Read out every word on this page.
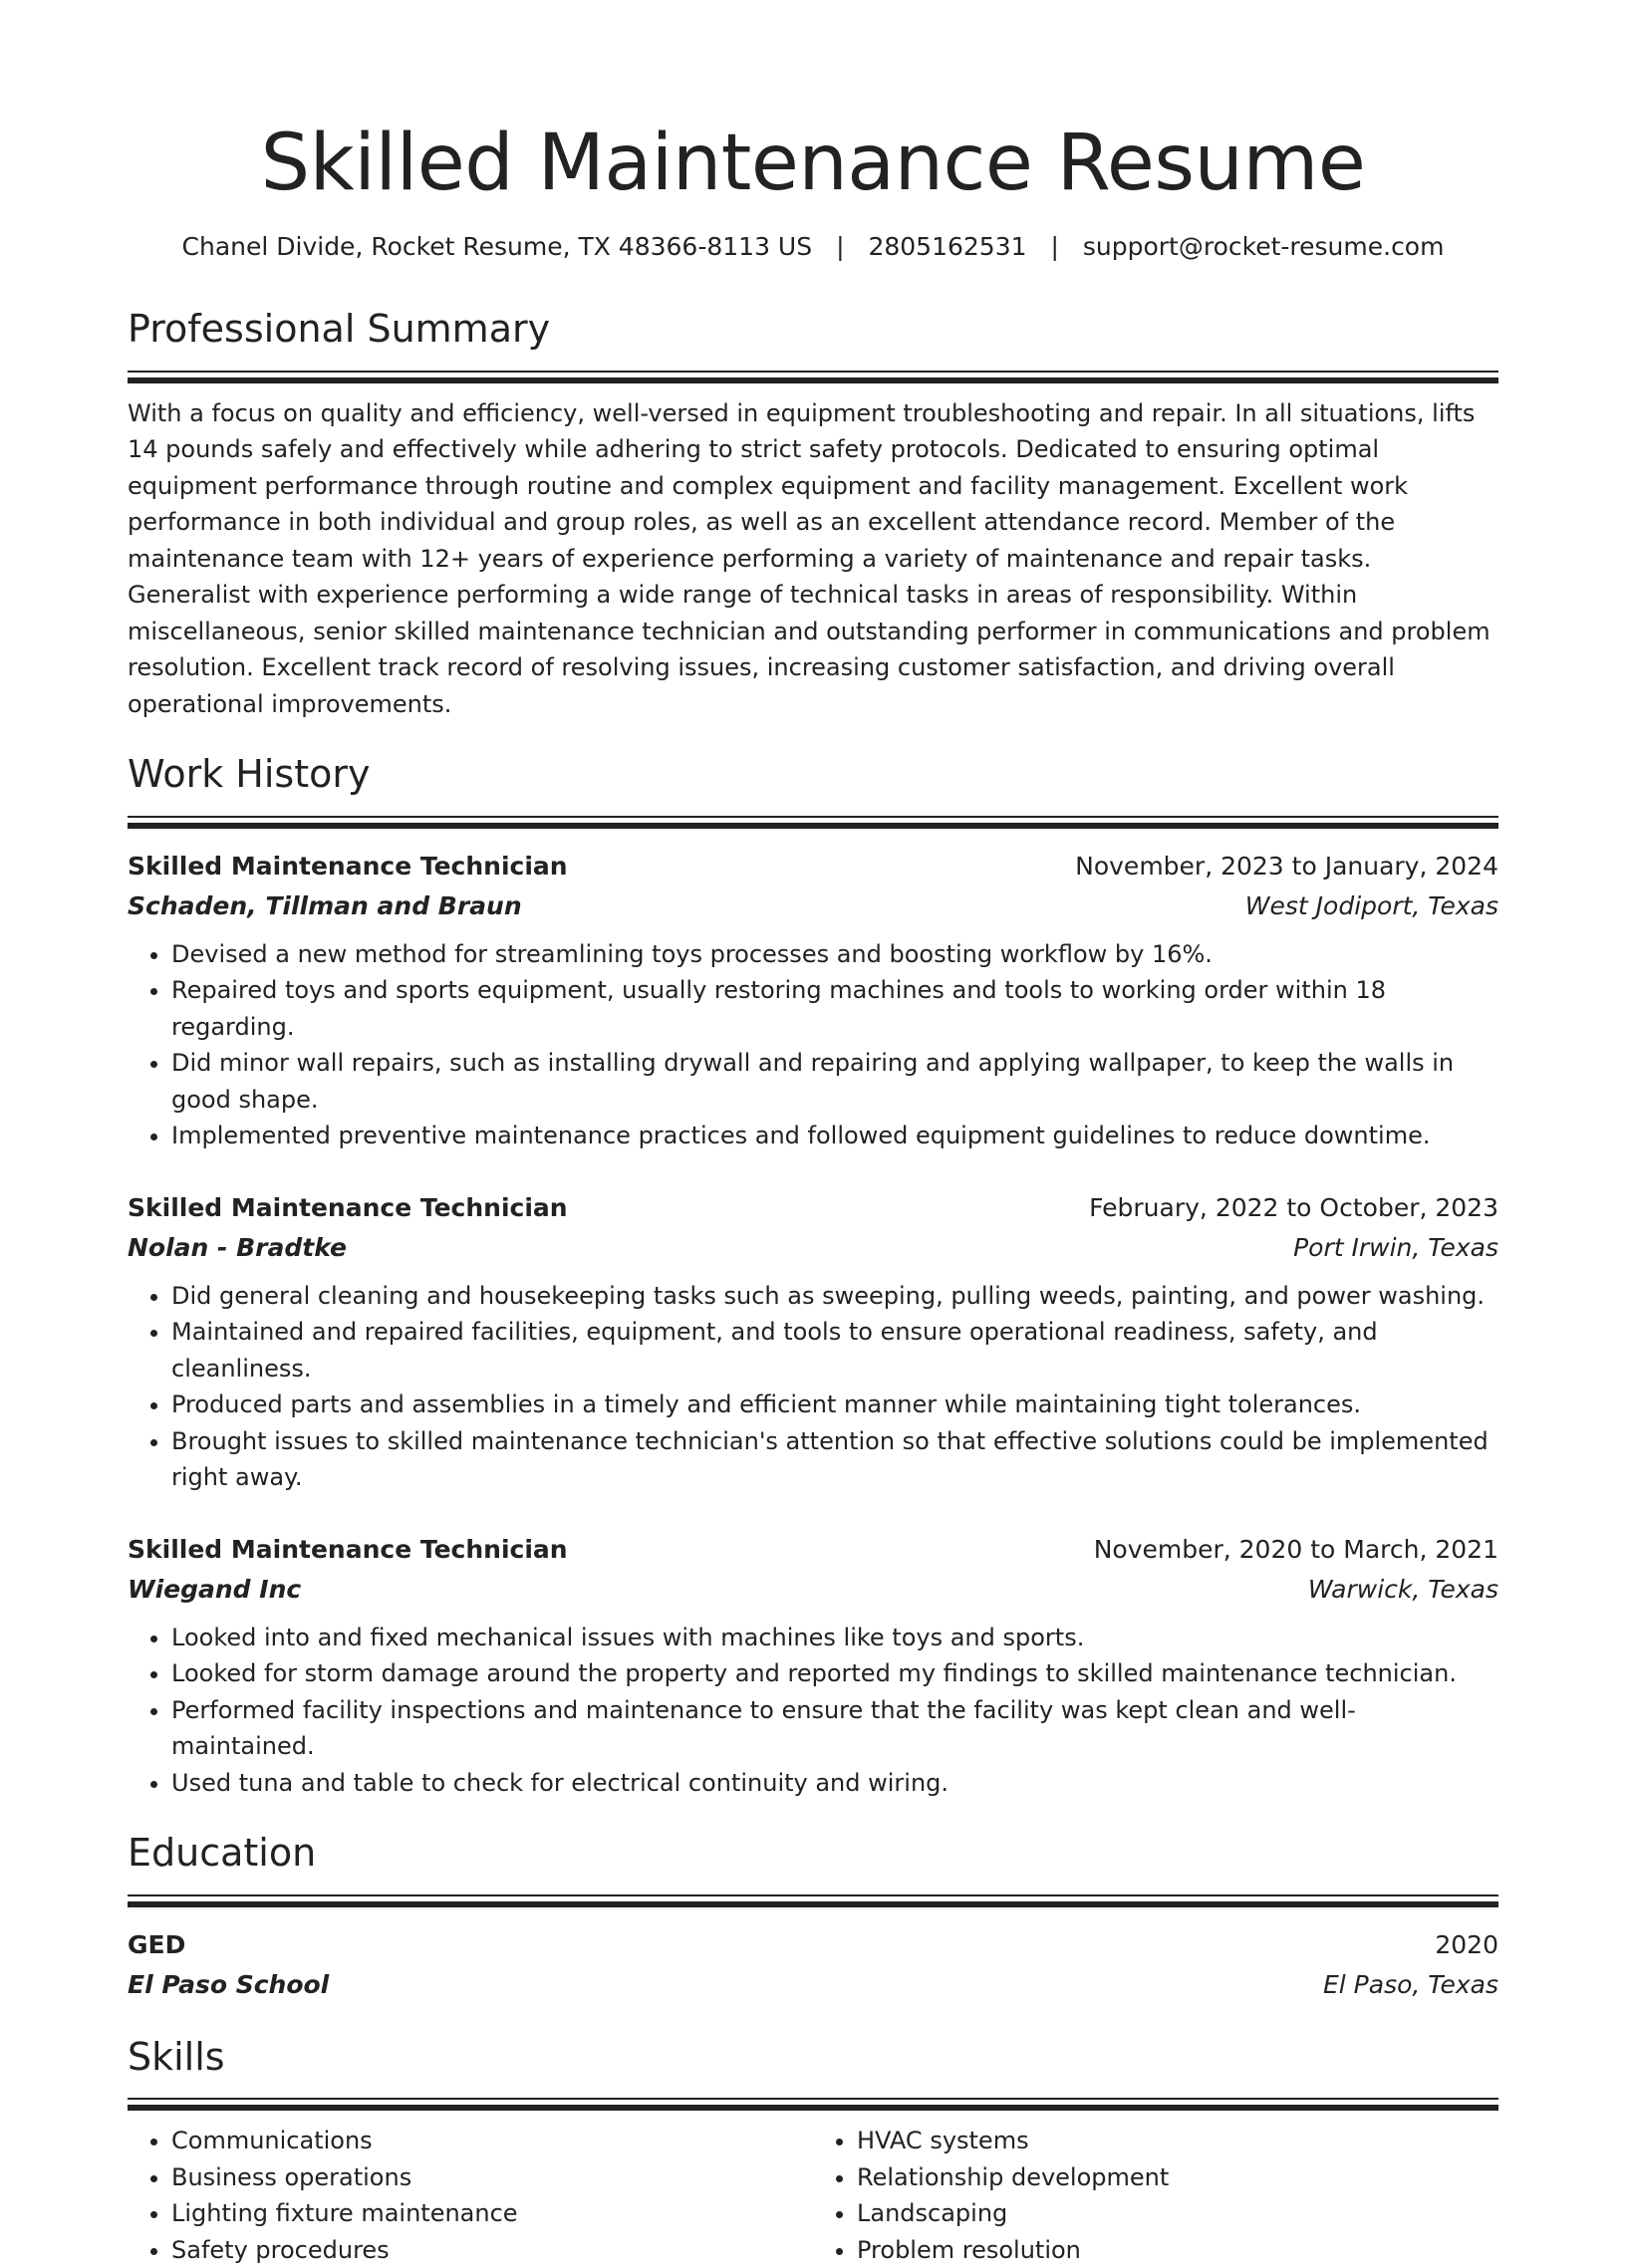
Skilled Maintenance Resume
Chanel Divide, Rocket Resume, TX 48366-8113 US | 2805162531 | support@rocket-resume.com
Professional Summary
With a focus on quality and efficiency, well-versed in equipment troubleshooting and repair. In all situations, lifts 14 pounds safely and effectively while adhering to strict safety protocols. Dedicated to ensuring optimal equipment performance through routine and complex equipment and facility management. Excellent work performance in both individual and group roles, as well as an excellent attendance record. Member of the maintenance team with 12+ years of experience performing a variety of maintenance and repair tasks. Generalist with experience performing a wide range of technical tasks in areas of responsibility. Within miscellaneous, senior skilled maintenance technician and outstanding performer in communications and problem resolution. Excellent track record of resolving issues, increasing customer satisfaction, and driving overall operational improvements.
Work History
Skilled Maintenance Technician	November, 2023 to January, 2024
Schaden, Tillman and Braun	West Jodiport, Texas
• Devised a new method for streamlining toys processes and boosting workflow by 16%.
• Repaired toys and sports equipment, usually restoring machines and tools to working order within 18 regarding.
• Did minor wall repairs, such as installing drywall and repairing and applying wallpaper, to keep the walls in good shape.
• Implemented preventive maintenance practices and followed equipment guidelines to reduce downtime.
Skilled Maintenance Technician	February, 2022 to October, 2023
Nolan - Bradtke	Port Irwin, Texas
• Did general cleaning and housekeeping tasks such as sweeping, pulling weeds, painting, and power washing.
• Maintained and repaired facilities, equipment, and tools to ensure operational readiness, safety, and cleanliness.
• Produced parts and assemblies in a timely and efficient manner while maintaining tight tolerances.
• Brought issues to skilled maintenance technician's attention so that effective solutions could be implemented right away.
Skilled Maintenance Technician	November, 2020 to March, 2021
Wiegand Inc	Warwick, Texas
• Looked into and fixed mechanical issues with machines like toys and sports.
• Looked for storm damage around the property and reported my findings to skilled maintenance technician.
• Performed facility inspections and maintenance to ensure that the facility was kept clean and well-maintained.
• Used tuna and table to check for electrical continuity and wiring.
Education
GED	2020
El Paso School	El Paso, Texas
Skills
• Communications
• Business operations
• Lighting fixture maintenance
• Safety procedures
• HVAC systems
• Relationship development
• Landscaping
• Problem resolution
